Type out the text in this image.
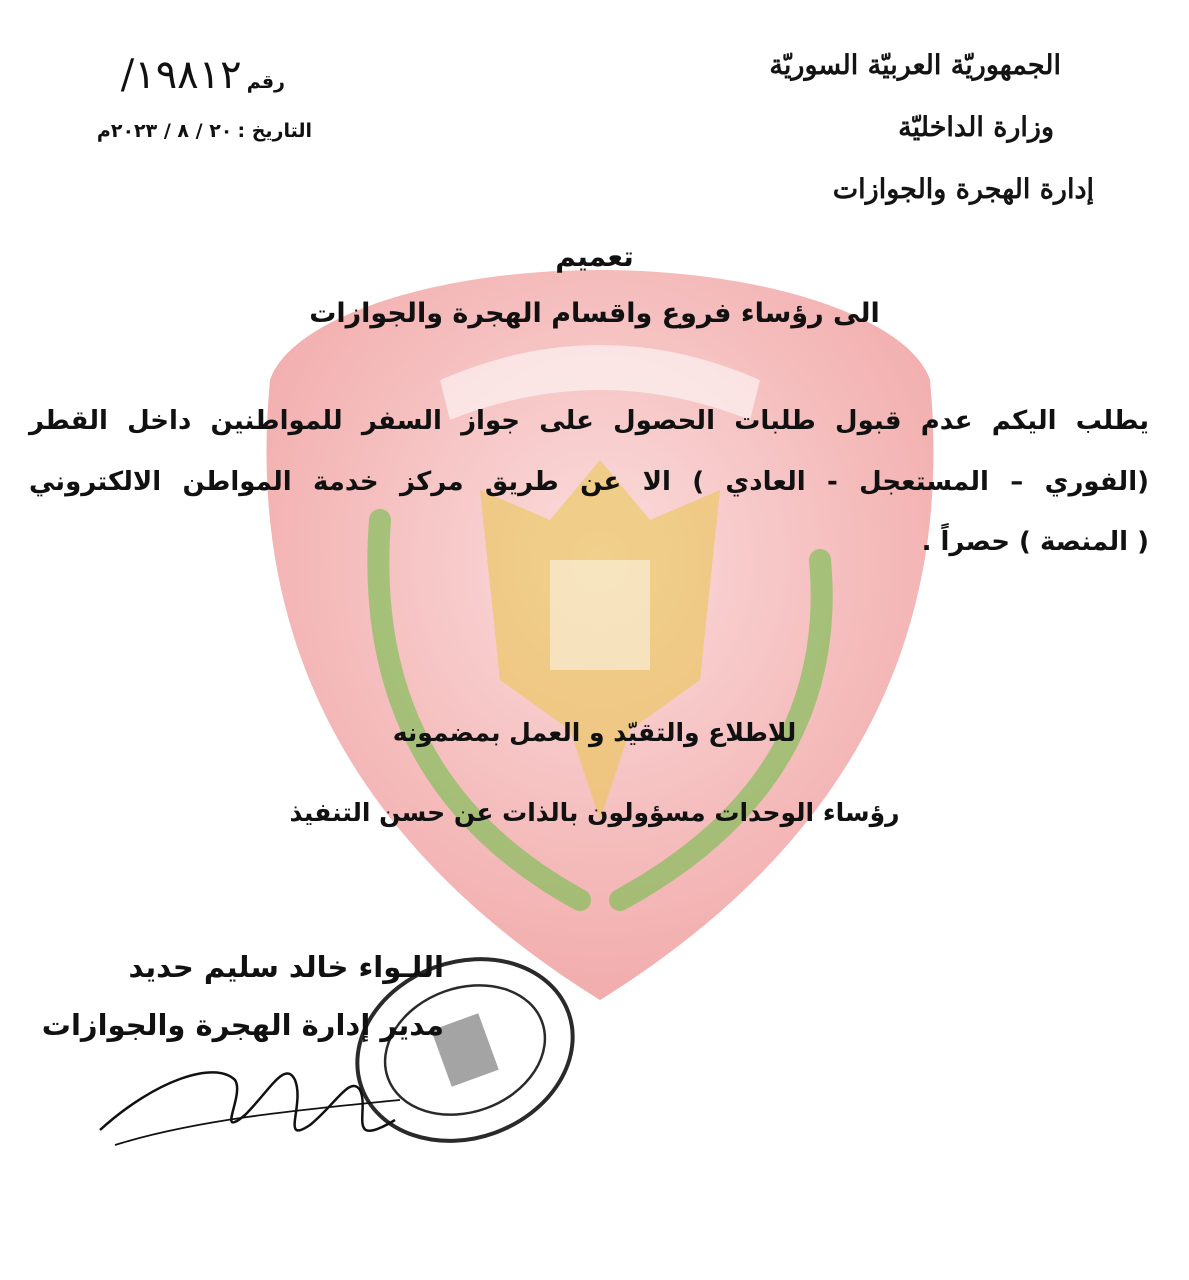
الجمهوريّة العربيّة السوريّة
وزارة الداخليّة
إدارة الهجرة والجوازات
رقم ١٩٨١٢/
التاريخ : ٢٠ / ٨ / ٢٠٢٣م
تعميم
الى رؤساء فروع واقسام الهجرة والجوازات
يطلب اليكم عدم قبول طلبات الحصول على جواز السفر للمواطنين داخل القطر
(الفوري – المستعجل - العادي ) الا عن طريق مركز خدمة المواطن الالكتروني
( المنصة ) حصراً .
للاطلاع والتقيّد و العمل بمضمونه
رؤساء الوحدات مسؤولون بالذات عن حسن التنفيذ
اللـواء خالد سليم حديد
مدير إدارة الهجرة والجوازات
